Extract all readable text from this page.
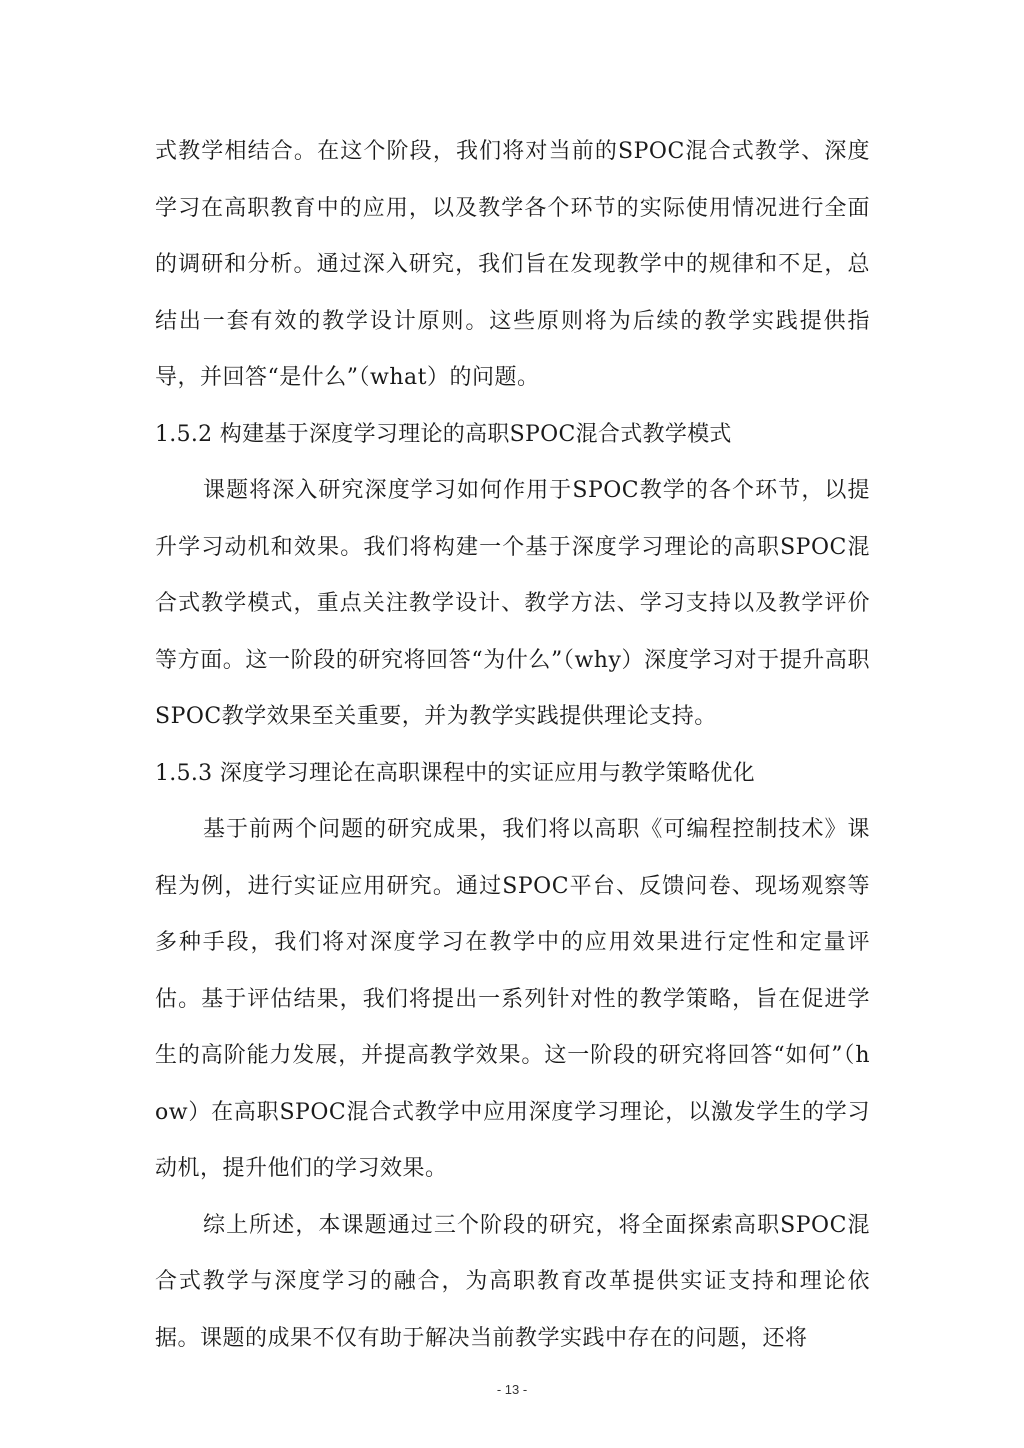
式教学相结合。在这个阶段，我们将对当前的SPOC混合式教学、深度学习在高职教育中的应用，以及教学各个环节的实际使用情况进行全面的调研和分析。通过深入研究，我们旨在发现教学中的规律和不足，总结出一套有效的教学设计原则。这些原则将为后续的教学实践提供指导，并回答“是什么”（what）的问题。

1.5.2 构建基于深度学习理论的高职SPOC混合式教学模式

课题将深入研究深度学习如何作用于SPOC教学的各个环节，以提升学习动机和效果。我们将构建一个基于深度学习理论的高职SPOC混合式教学模式，重点关注教学设计、教学方法、学习支持以及教学评价等方面。这一阶段的研究将回答“为什么”（why）深度学习对于提升高职SPOC教学效果至关重要，并为教学实践提供理论支持。

1.5.3 深度学习理论在高职课程中的实证应用与教学策略优化

基于前两个问题的研究成果，我们将以高职《可编程控制技术》课程为例，进行实证应用研究。通过SPOC平台、反馈问卷、现场观察等多种手段，我们将对深度学习在教学中的应用效果进行定性和定量评估。基于评估结果，我们将提出一系列针对性的教学策略，旨在促进学生的高阶能力发展，并提高教学效果。这一阶段的研究将回答“如何”（how）在高职SPOC混合式教学中应用深度学习理论，以激发学生的学习动机，提升他们的学习效果。

综上所述，本课题通过三个阶段的研究，将全面探索高职SPOC混合式教学与深度学习的融合，为高职教育改革提供实证支持和理论依据。课题的成果不仅有助于解决当前教学实践中存在的问题，还将

- 13 -
